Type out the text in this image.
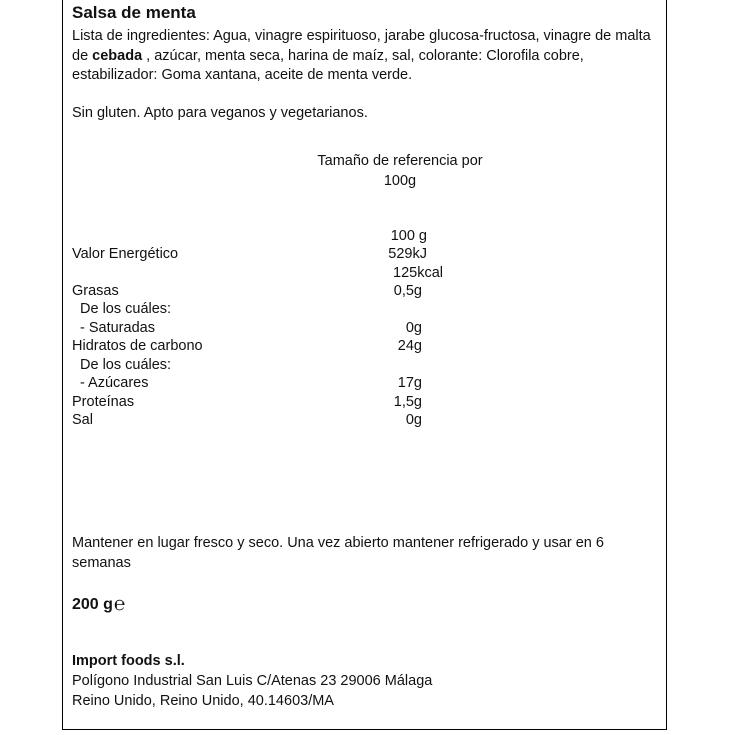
Salsa de menta
Lista de ingredientes: Agua, vinagre espirituoso, jarabe glucosa-fructosa, vinagre de malta de cebada , azúcar, menta seca, harina de maíz, sal, colorante: Clorofila cobre, estabilizador: Goma xantana, aceite de menta verde.
Sin gluten. Apto para veganos y vegetarianos.
Tamaño de referencia por
100g
100 g
Valor Energético	529kJ
125kcal
Grasas	0,5g
De los cuáles:
- Saturadas	0g
Hidratos de carbono	24g
De los cuáles:
- Azúcares	17g
Proteínas	1,5g
Sal	0g
Mantener en lugar fresco y seco. Una vez abierto mantener refrigerado y usar en 6 semanas
200 g℮
Import foods s.l.
Polígono Industrial San Luis C/Atenas 23 29006 Málaga
Reino Unido, Reino Unido, 40.14603/MA
